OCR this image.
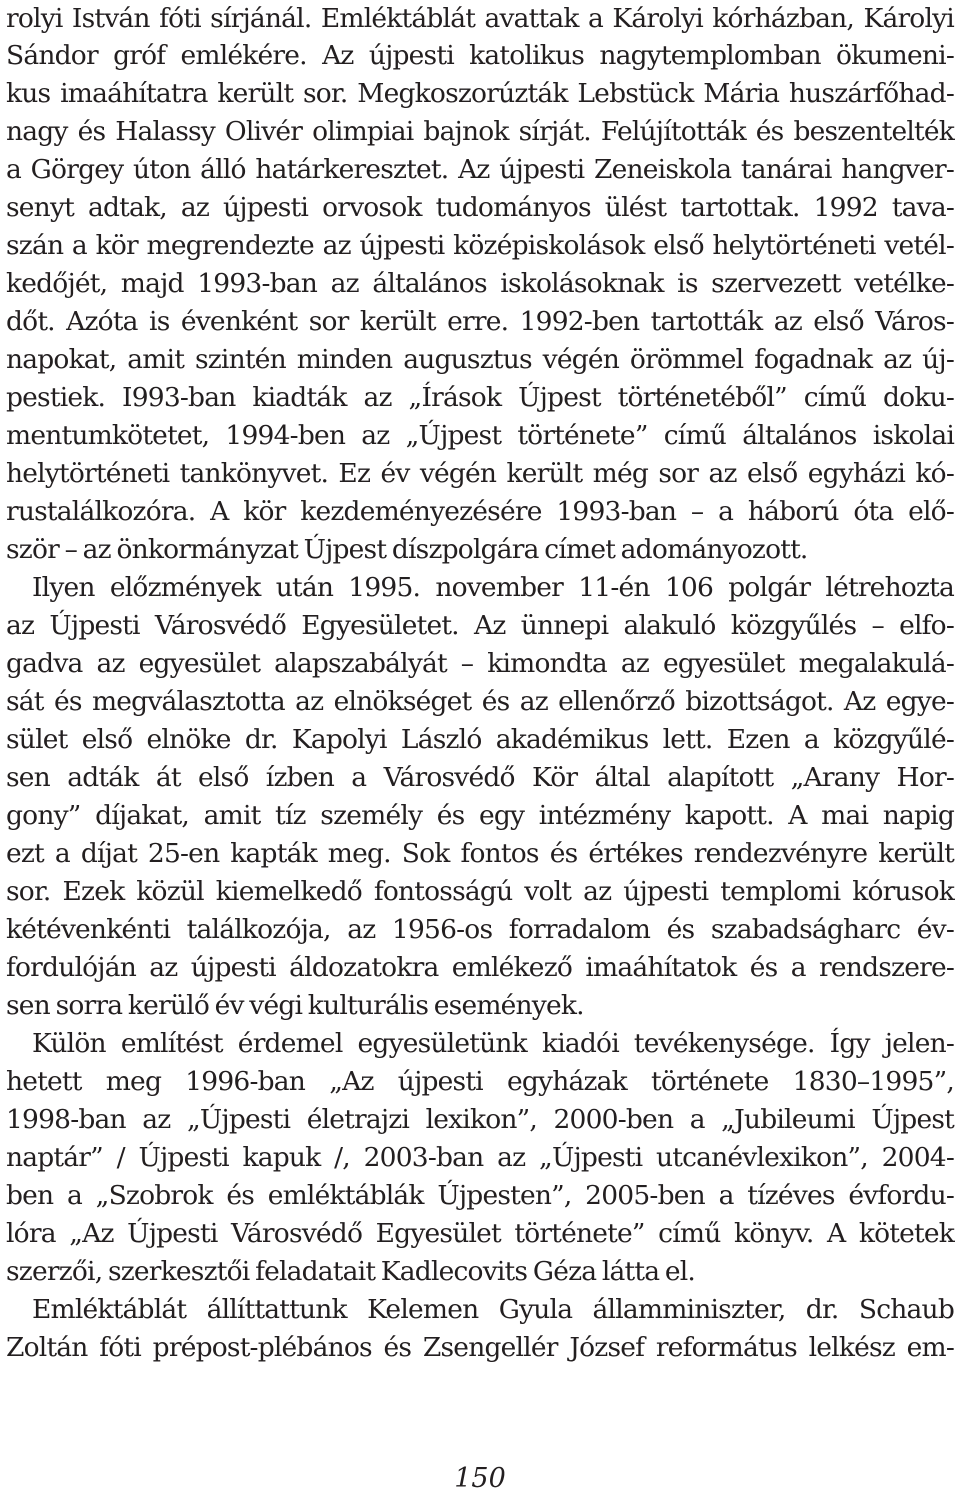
rolyi István fóti sírjánál. Emléktáblát avattak a Károlyi kórházban, Károlyi
Sándor gróf emlékére. Az újpesti katolikus nagytemplomban ökumeni-
kus imaáhítatra került sor. Megkoszorúzták Lebstück Mária huszárfőhad-
nagy és Halassy Olivér olimpiai bajnok sírját. Felújították és beszentelték
a Görgey úton álló határkeresztet. Az újpesti Zeneiskola tanárai hangver-
senyt adtak, az újpesti orvosok tudományos ülést tartottak. 1992 tava-
szán a kör megrendezte az újpesti középiskolások első helytörténeti vetél-
kedőjét, majd 1993-ban az általános iskolásoknak is szervezett vetélke-
dőt. Azóta is évenként sor került erre. 1992-ben tartották az első Város-
napokat, amit szintén minden augusztus végén örömmel fogadnak az új-
pestiek. I993-ban kiadták az „Írások Újpest történetéből” című doku-
mentumkötetet, 1994-ben az „Újpest története” című általános iskolai
helytörténeti tankönyvet. Ez év végén került még sor az első egyházi kó-
rustalálkozóra. A kör kezdeményezésére 1993-ban – a háború óta elő-
ször – az önkormányzat Újpest díszpolgára címet adományozott.
Ilyen előzmények után 1995. november 11-én 106 polgár létrehozta
az Újpesti Városvédő Egyesületet. Az ünnepi alakuló közgyűlés – elfo-
gadva az egyesület alapszabályát – kimondta az egyesület megalakulá-
sát és megválasztotta az elnökséget és az ellenőrző bizottságot. Az egye-
sület első elnöke dr. Kapolyi László akadémikus lett. Ezen a közgyűlé-
sen adták át első ízben a Városvédő Kör által alapított „Arany Hor-
gony” díjakat, amit tíz személy és egy intézmény kapott. A mai napig
ezt a díjat 25-en kapták meg. Sok fontos és értékes rendezvényre került
sor. Ezek közül kiemelkedő fontosságú volt az újpesti templomi kórusok
kétévenkénti találkozója, az 1956-os forradalom és szabadságharc év-
fordulóján az újpesti áldozatokra emlékező imaáhítatok és a rendszere-
sen sorra kerülő év végi kulturális események.
Külön említést érdemel egyesületünk kiadói tevékenysége. Így jelen-
hetett meg 1996-ban „Az újpesti egyházak története 1830–1995”,
1998-ban az „Újpesti életrajzi lexikon”, 2000-ben a „Jubileumi Újpest
naptár” / Újpesti kapuk /, 2003-ban az „Újpesti utcanévlexikon”, 2004-
ben a „Szobrok és emléktáblák Újpesten”, 2005-ben a tízéves évfordu-
lóra „Az Újpesti Városvédő Egyesület története” című könyv. A kötetek
szerzői, szerkesztői feladatait Kadlecovits Géza látta el.
Emléktáblát állíttattunk Kelemen Gyula államminiszter, dr. Schaub
Zoltán fóti prépost-plébános és Zsengellér József református lelkész em-
150
